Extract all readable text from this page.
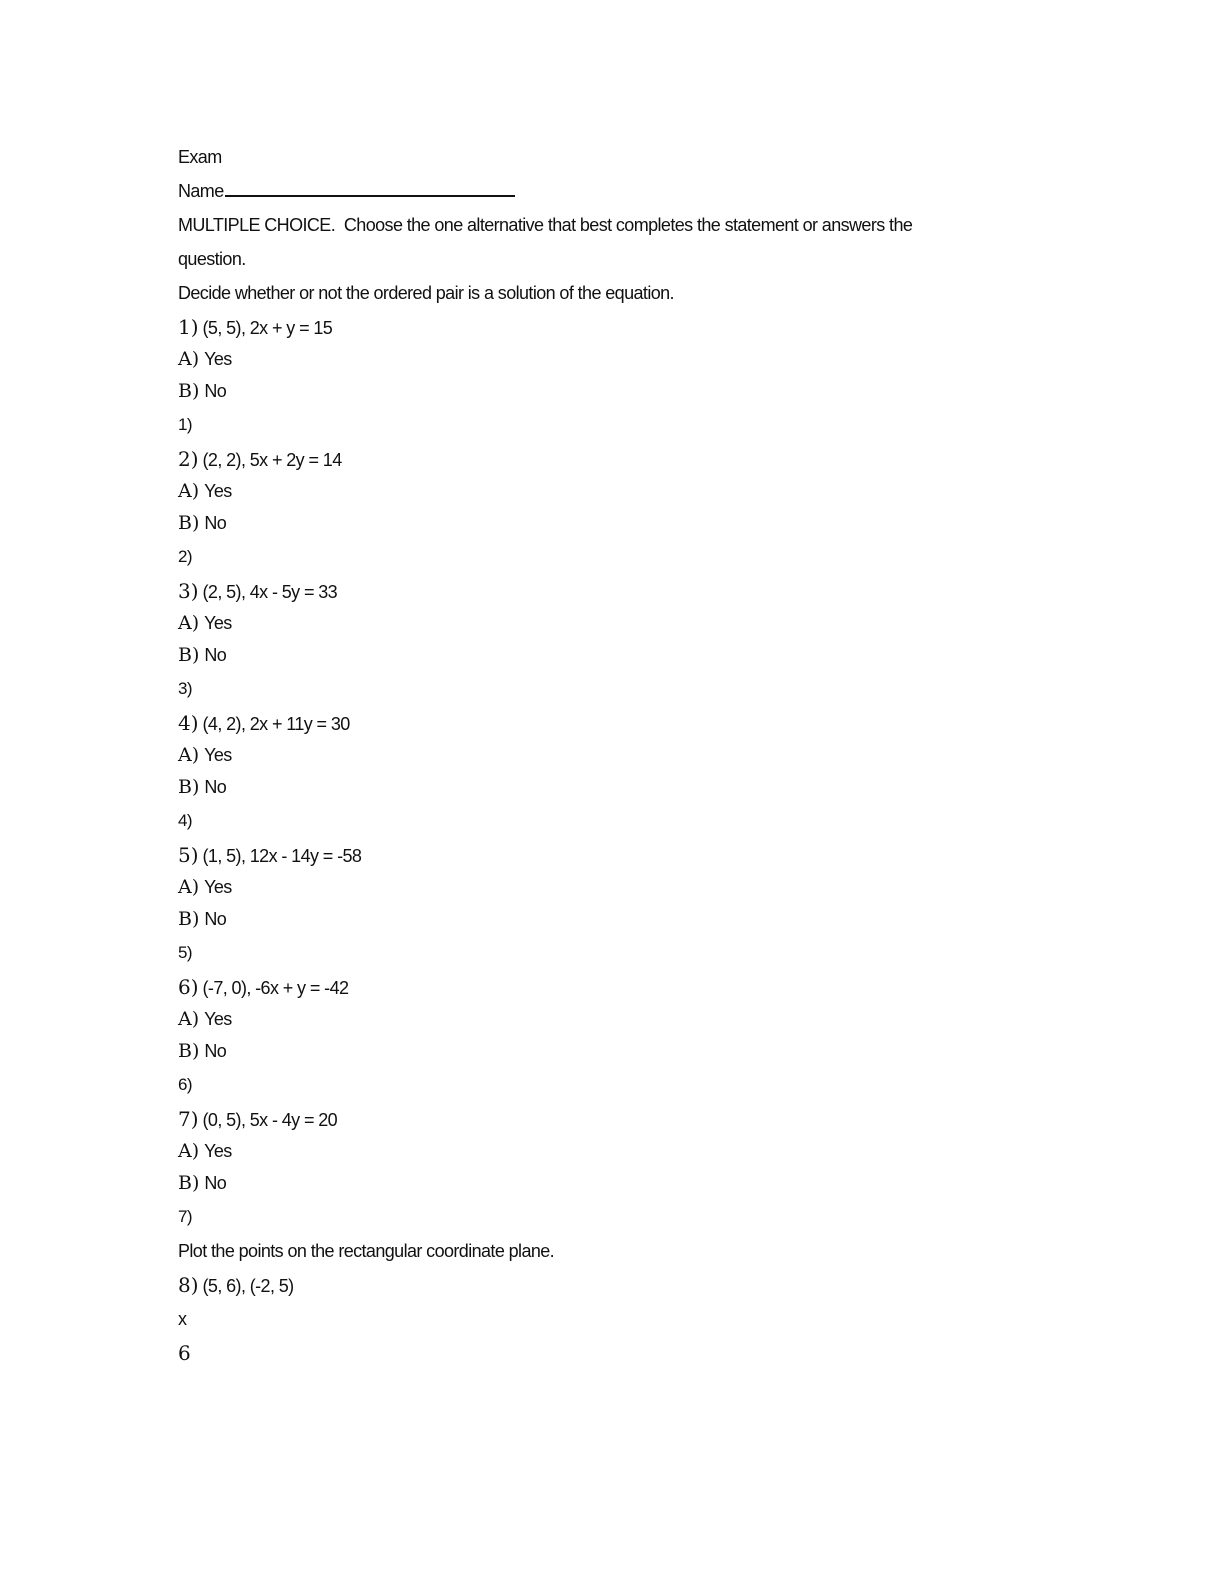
Exam
Name
MULTIPLE CHOICE. Choose the one alternative that best completes the statement or answers the
question.
Decide whether or not the ordered pair is a solution of the equation.
1) (5, 5), 2x + y = 15
A) Yes
B) No
1)
2) (2, 2), 5x + 2y = 14
A) Yes
B) No
2)
3) (2, 5), 4x - 5y = 33
A) Yes
B) No
3)
4) (4, 2), 2x + 11y = 30
A) Yes
B) No
4)
5) (1, 5), 12x - 14y = -58
A) Yes
B) No
5)
6) (-7, 0), -6x + y = -42
A) Yes
B) No
6)
7) (0, 5), 5x - 4y = 20
A) Yes
B) No
7)
Plot the points on the rectangular coordinate plane.
8) (5, 6), (-2, 5)
x
6
